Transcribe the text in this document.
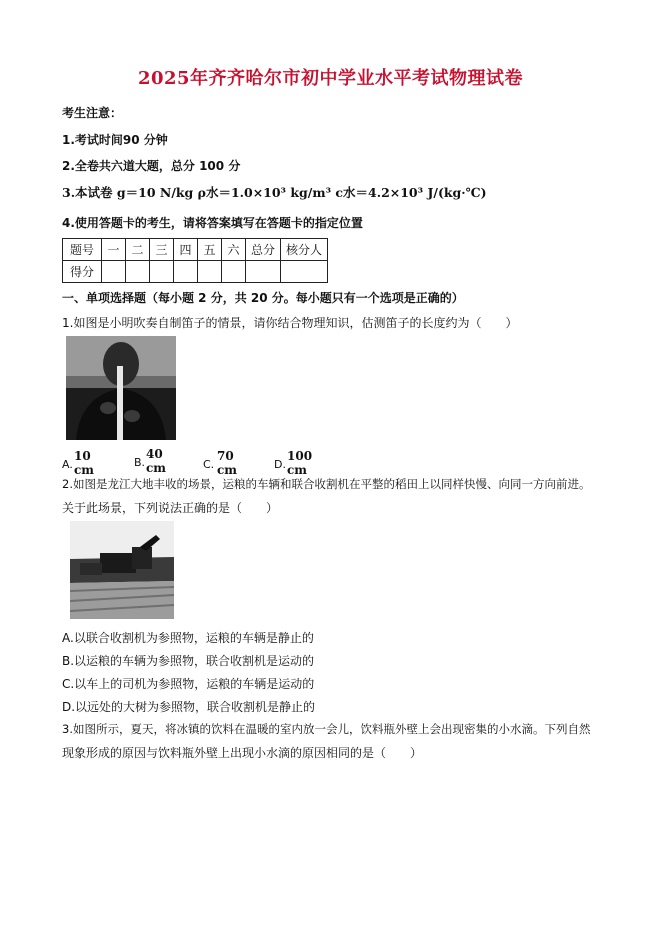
2025年齐齐哈尔市初中学业水平考试物理试卷
考生注意：
1.考试时间90 分钟
2.全卷共六道大题，总分 100 分
3.本试卷 g＝10 N/kg ρ水＝1.0×10³ kg/m³ c水＝4.2×10³ J/(kg·℃)
4.使用答题卡的考生，请将答案填写在答题卡的指定位置
题号	一	二	三	四	五	六	总分	核分人
得分								
一、单项选择题（每小题 2 分，共 20 分。每小题只有一个选项是正确的）
1.如图是小明吹奏自制笛子的情景，请你结合物理知识，估测笛子的长度约为（　　）
A.
10 cm
B.
40 cm	C.
70 cm	D.
100 cm
2.如图是龙江大地丰收的场景，运粮的车辆和联合收割机在平整的稻田上以同样快慢、向同一方向前进。
关于此场景，下列说法正确的是（　　）
A.以联合收割机为参照物，运粮的车辆是静止的
B.以运粮的车辆为参照物，联合收割机是运动的
C.以车上的司机为参照物，运粮的车辆是运动的
D.以远处的大树为参照物，联合收割机是静止的
3.如图所示，夏天，将冰镇的饮料在温暖的室内放一会儿，饮料瓶外壁上会出现密集的小水滴。下列自然
现象形成的原因与饮料瓶外壁上出现小水滴的原因相同的是（　　）
